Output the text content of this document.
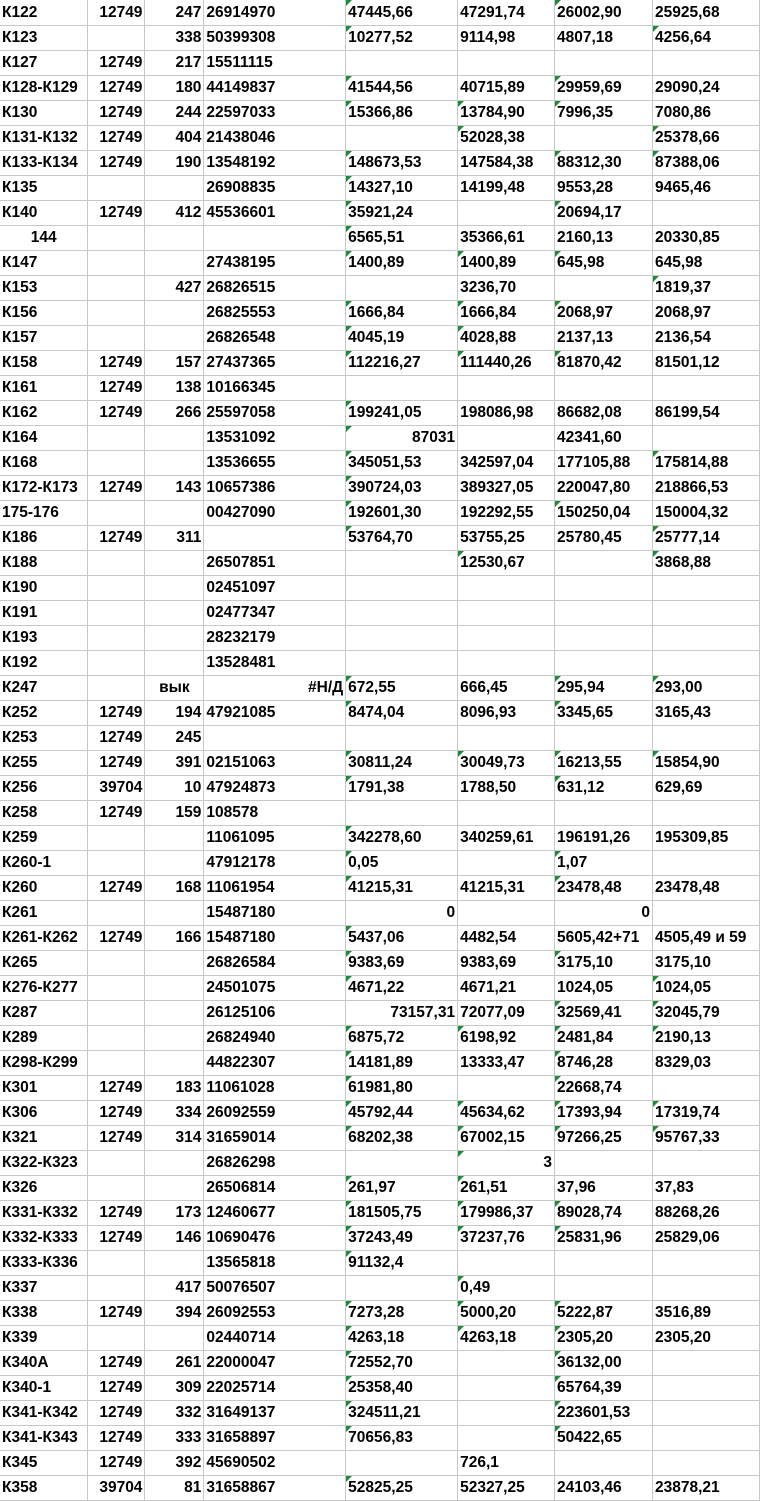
К122	12749	247	26914970	47445,66	47291,74	26002,90	25925,68
К123		338	50399308	10277,52	9114,98	4807,18	4256,64
К127	12749	217	15511115				
К128-К129	12749	180	44149837	41544,56	40715,89	29959,69	29090,24
К130	12749	244	22597033	15366,86	13784,90	7996,35	7080,86
К131-К132	12749	404	21438046		52028,38		25378,66
К133-К134	12749	190	13548192	148673,53	147584,38	88312,30	87388,06
К135			26908835	14327,10	14199,48	9553,28	9465,46
К140	12749	412	45536601	35921,24		20694,17	
144				6565,51	35366,61	2160,13	20330,85
К147			27438195	1400,89	1400,89	645,98	645,98
К153		427	26826515		3236,70		1819,37
К156			26825553	1666,84	1666,84	2068,97	2068,97
К157			26826548	4045,19	4028,88	2137,13	2136,54
К158	12749	157	27437365	112216,27	111440,26	81870,42	81501,12
К161	12749	138	10166345				
К162	12749	266	25597058	199241,05	198086,98	86682,08	86199,54
К164			13531092	87031		42341,60	
К168			13536655	345051,53	342597,04	177105,88	175814,88
К172-К173	12749	143	10657386	390724,03	389327,05	220047,80	218866,53
175-176			00427090	192601,30	192292,55	150250,04	150004,32
К186	12749	311		53764,70	53755,25	25780,45	25777,14
К188			26507851		12530,67		3868,88
К190			02451097				
К191			02477347				
К193			28232179				
К192			13528481				
К247		вык	#Н/Д	672,55	666,45	295,94	293,00
К252	12749	194	47921085	8474,04	8096,93	3345,65	3165,43
К253	12749	245					
К255	12749	391	02151063	30811,24	30049,73	16213,55	15854,90
К256	39704	10	47924873	1791,38	1788,50	631,12	629,69
К258	12749	159	108578				
К259			11061095	342278,60	340259,61	196191,26	195309,85
К260-1			47912178	0,05		1,07	
К260	12749	168	11061954	41215,31	41215,31	23478,48	23478,48
К261			15487180	0		0	
К261-К262	12749	166	15487180	5437,06	4482,54	5605,42+71	4505,49 и 59
К265			26826584	9383,69	9383,69	3175,10	3175,10
К276-К277			24501075	4671,22	4671,21	1024,05	1024,05
К287			26125106	73157,31	72077,09	32569,41	32045,79
К289			26824940	6875,72	6198,92	2481,84	2190,13
К298-К299			44822307	14181,89	13333,47	8746,28	8329,03
К301	12749	183	11061028	61981,80		22668,74	
К306	12749	334	26092559	45792,44	45634,62	17393,94	17319,74
К321	12749	314	31659014	68202,38	67002,15	97266,25	95767,33
К322-К323			26826298		3		
К326			26506814	261,97	261,51	37,96	37,83
К331-К332	12749	173	12460677	181505,75	179986,37	89028,74	88268,26
К332-К333	12749	146	10690476	37243,49	37237,76	25831,96	25829,06
К333-К336			13565818	91132,4			
К337		417	50076507		0,49		
К338	12749	394	26092553	7273,28	5000,20	5222,87	3516,89
К339			02440714	4263,18	4263,18	2305,20	2305,20
К340А	12749	261	22000047	72552,70		36132,00	
К340-1	12749	309	22025714	25358,40		65764,39	
К341-К342	12749	332	31649137	324511,21		223601,53	
К341-К343	12749	333	31658897	70656,83		50422,65	
К345	12749	392	45690502		726,1		
К358	39704	81	31658867	52825,25	52327,25	24103,46	23878,21
